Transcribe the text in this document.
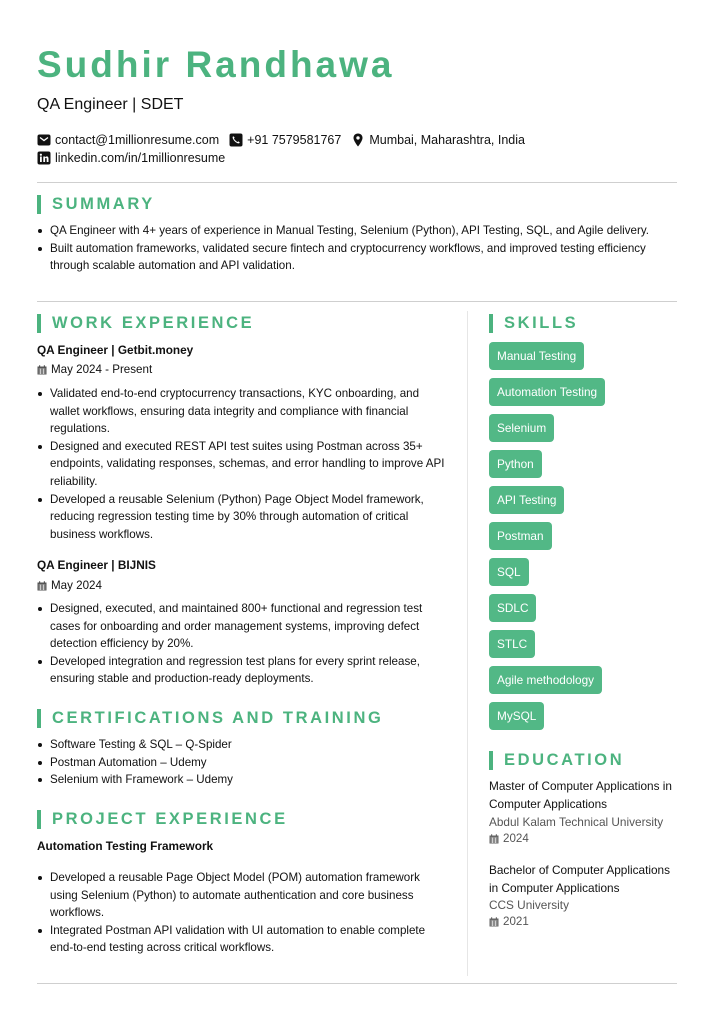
Sudhir Randhawa
QA Engineer | SDET
contact@1millionresume.com +91 7579581767 Mumbai, Maharashtra, India
linkedin.com/in/1millionresume
SUMMARY
QA Engineer with 4+ years of experience in Manual Testing, Selenium (Python), API Testing, SQL, and Agile delivery.
Built automation frameworks, validated secure fintech and cryptocurrency workflows, and improved testing efficiency
through scalable automation and API validation.
WORK EXPERIENCE
QA Engineer | Getbit.money
May 2024 - Present
Validated end-to-end cryptocurrency transactions, KYC onboarding, and
wallet workflows, ensuring data integrity and compliance with financial
regulations.
Designed and executed REST API test suites using Postman across 35+
endpoints, validating responses, schemas, and error handling to improve API
reliability.
Developed a reusable Selenium (Python) Page Object Model framework,
reducing regression testing time by 30% through automation of critical
business workflows.
QA Engineer | BIJNIS
May 2024
Designed, executed, and maintained 800+ functional and regression test
cases for onboarding and order management systems, improving defect
detection efficiency by 20%.
Developed integration and regression test plans for every sprint release,
ensuring stable and production-ready deployments.
CERTIFICATIONS AND TRAINING
Software Testing & SQL – Q-Spider
Postman Automation – Udemy
Selenium with Framework – Udemy
PROJECT EXPERIENCE
Automation Testing Framework
Developed a reusable Page Object Model (POM) automation framework
using Selenium (Python) to automate authentication and core business
workflows.
Integrated Postman API validation with UI automation to enable complete
end-to-end testing across critical workflows.
SKILLS
Manual Testing
Automation Testing
Selenium
Python
API Testing
Postman
SQL
SDLC
STLC
Agile methodology
MySQL
EDUCATION
Master of Computer Applications in
Computer Applications
Abdul Kalam Technical University
2024
Bachelor of Computer Applications
in Computer Applications
CCS University
2021
